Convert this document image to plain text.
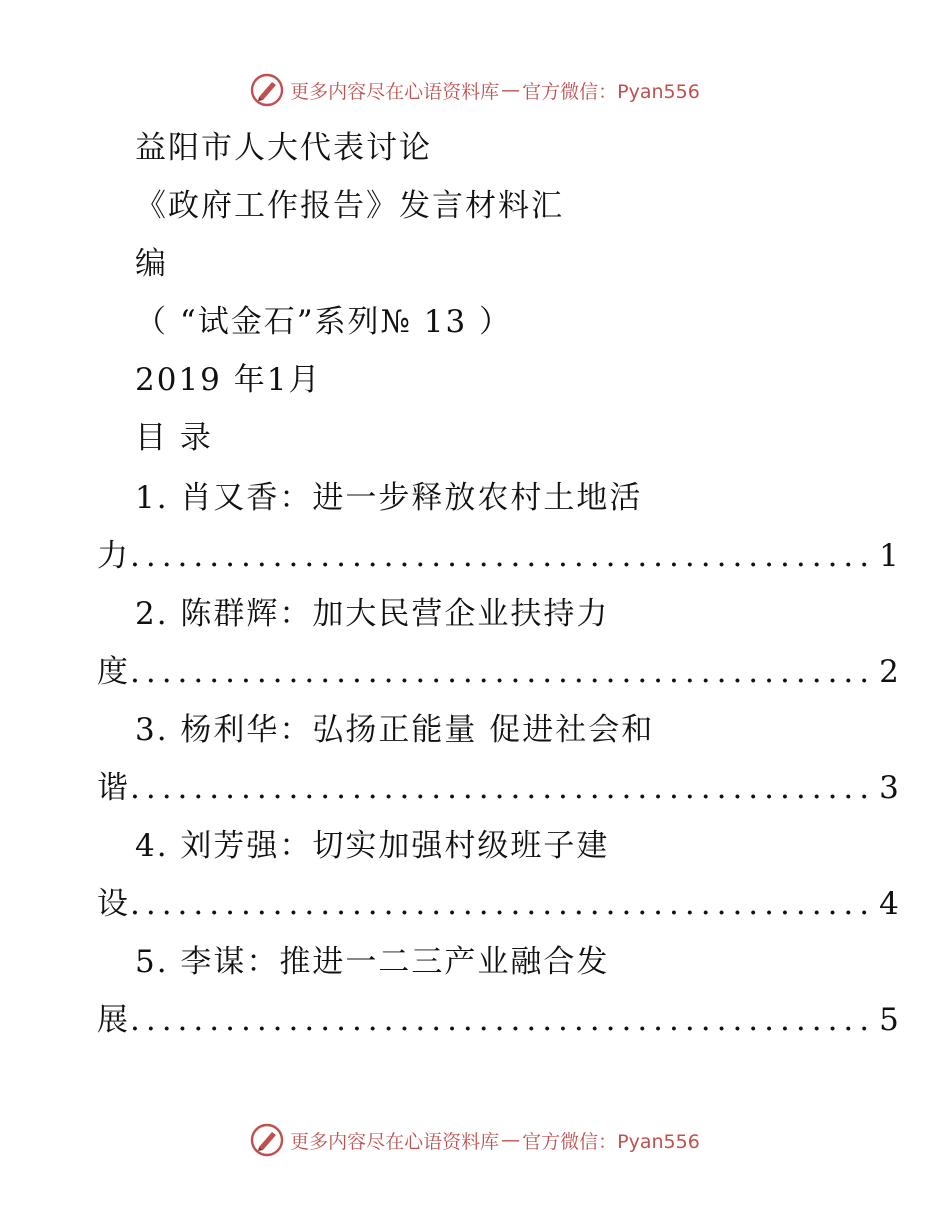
更多内容尽在心语资料库 — 官方微信：Pyan556
益阳市人大代表讨论
《政府工作报告》发言材料汇
编
（ “试金石”系列№ 13 ）
2019 年1月
目 录
1. 肖又香：进一步释放农村土地活
力 ............................................... 1
2. 陈群辉：加大民营企业扶持力
度 ............................................... 2
3. 杨利华：弘扬正能量 促进社会和
谐 ............................................... 3
4. 刘芳强：切实加强村级班子建
设 ............................................... 4
5. 李谋：推进一二三产业融合发
展 ............................................... 5
更多内容尽在心语资料库 — 官方微信：Pyan556
